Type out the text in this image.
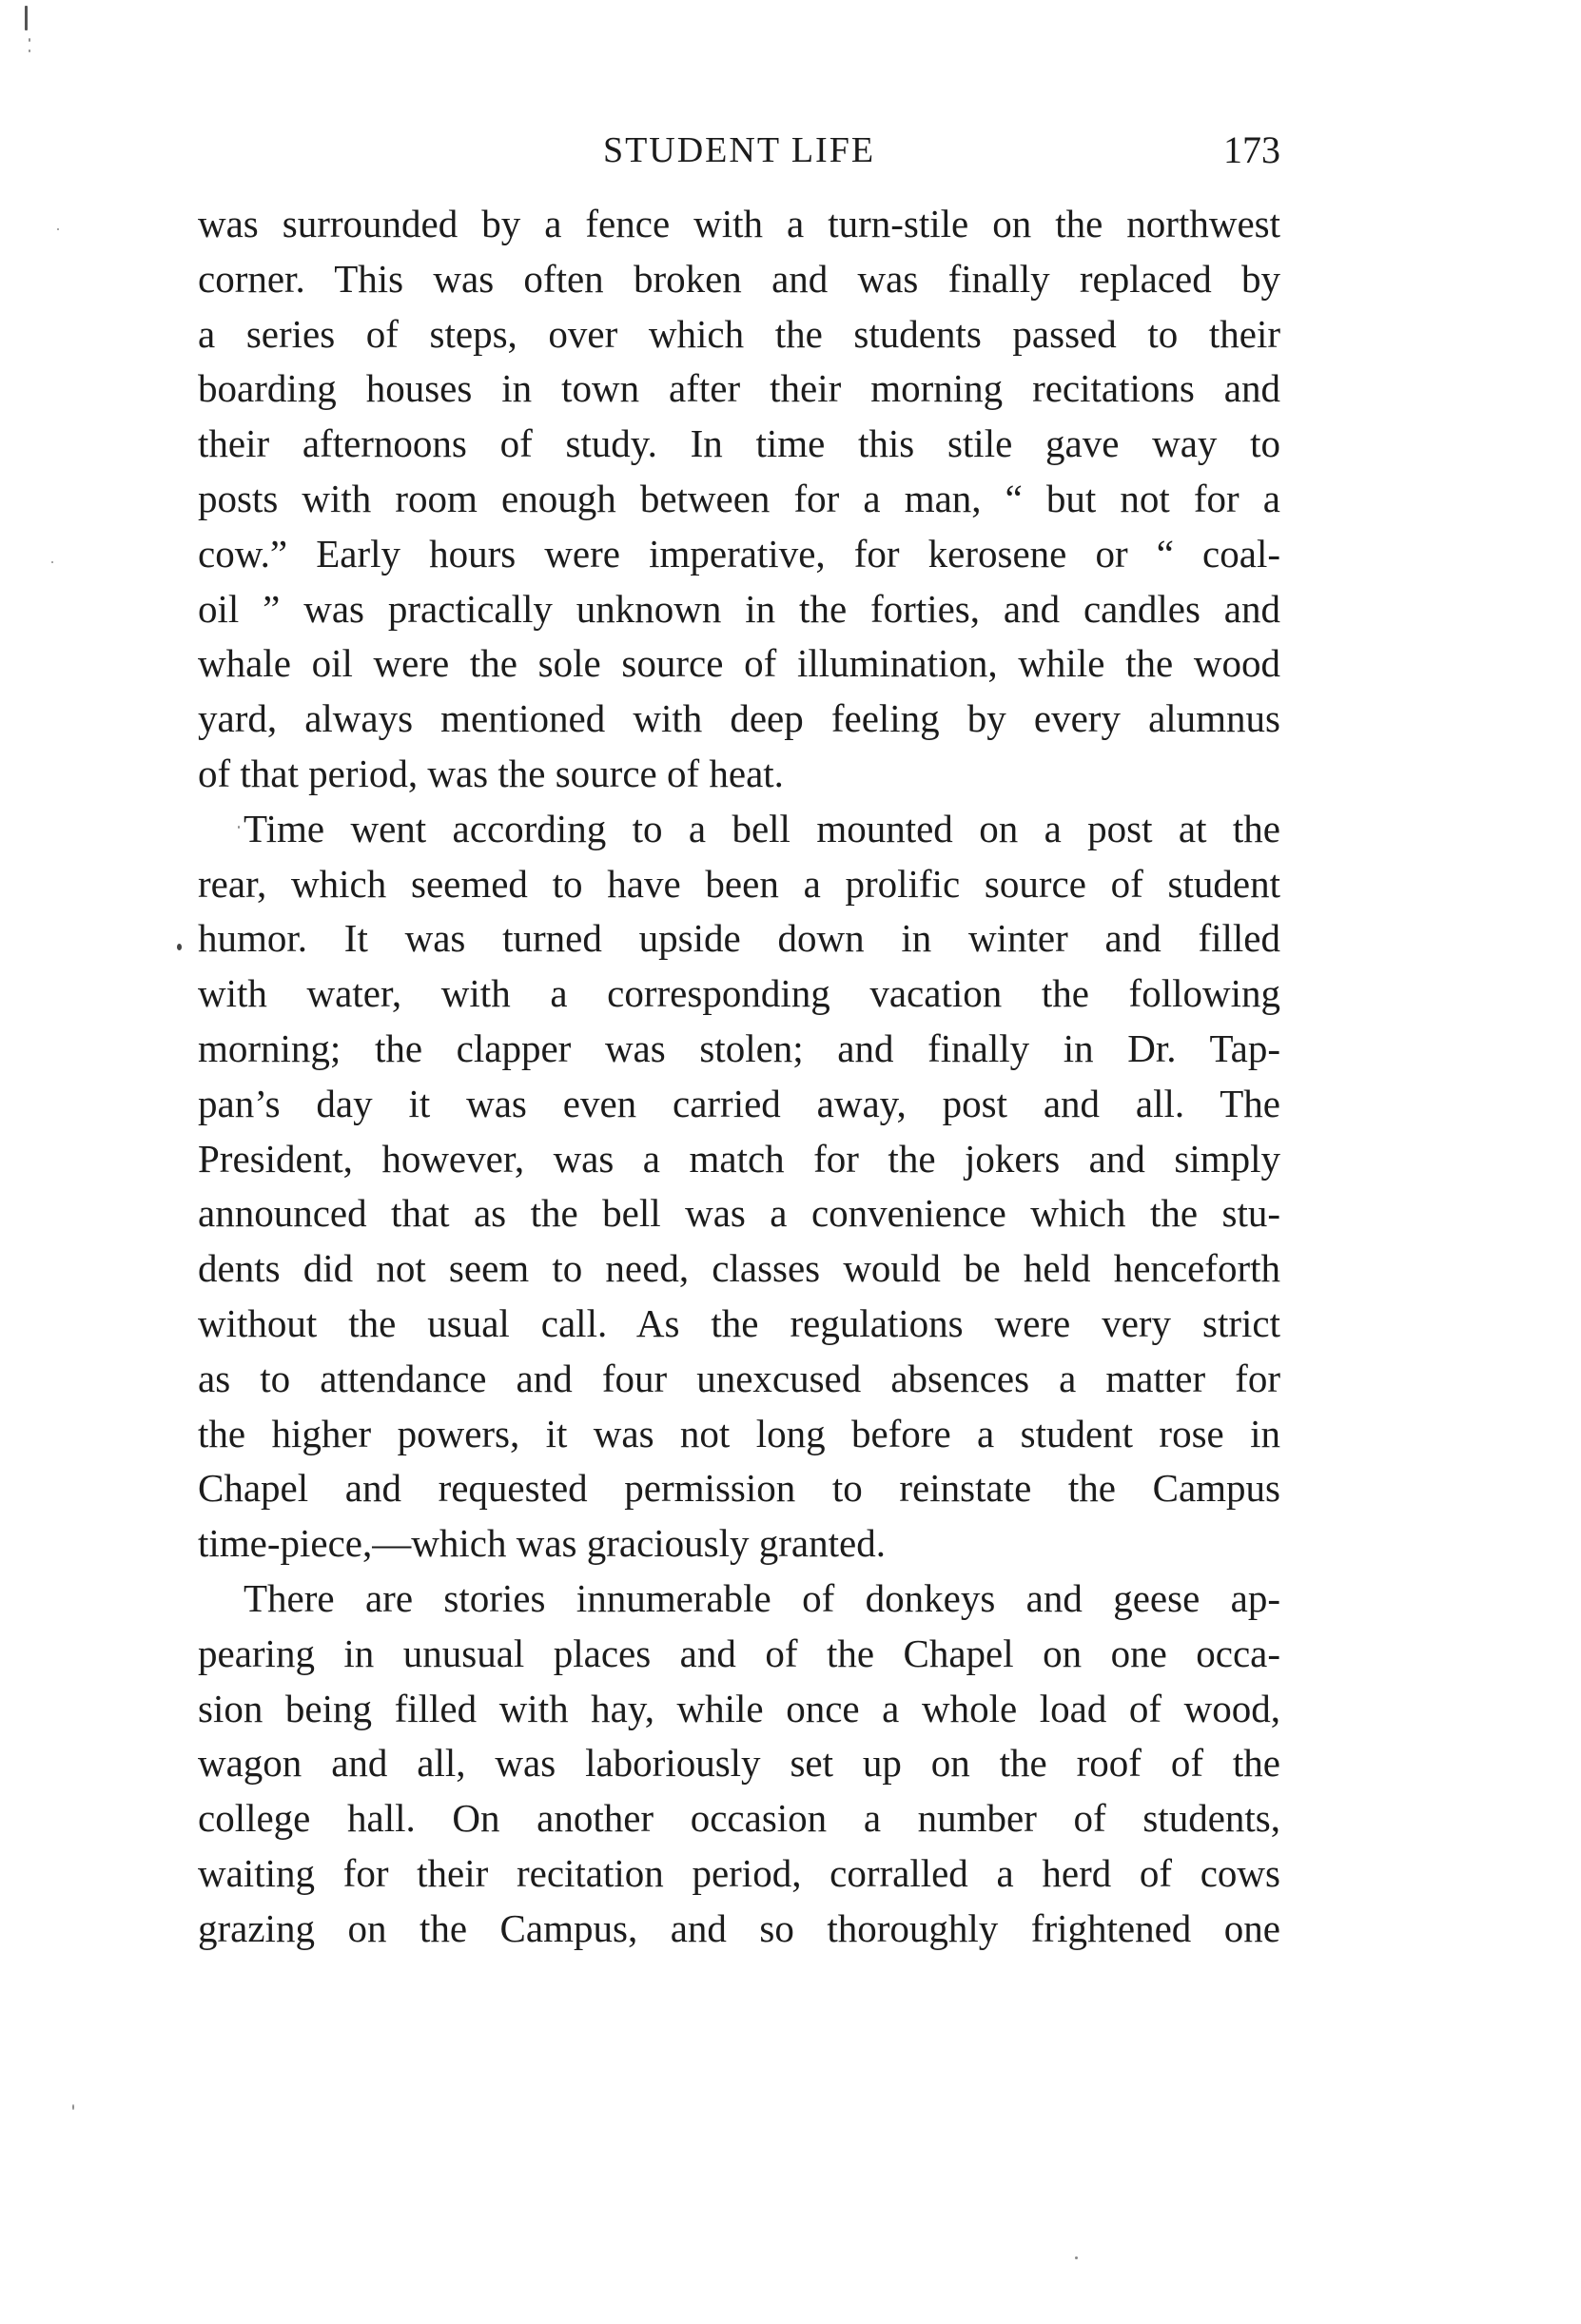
STUDENT LIFE	173
was surrounded by a fence with a turn-stile on the northwest
corner. This was often broken and was finally replaced by
a series of steps, over which the students passed to their
boarding houses in town after their morning recitations and
their afternoons of study. In time this stile gave way to
posts with room enough between for a man, “ but not for a
cow.” Early hours were imperative, for kerosene or “ coal-
oil ” was practically unknown in the forties, and candles and
whale oil were the sole source of illumination, while the wood
yard, always mentioned with deep feeling by every alumnus
of that period, was the source of heat.
Time went according to a bell mounted on a post at the
rear, which seemed to have been a prolific source of student
humor. It was turned upside down in winter and filled
with water, with a corresponding vacation the following
morning; the clapper was stolen; and finally in Dr. Tap-
pan’s day it was even carried away, post and all. The
President, however, was a match for the jokers and simply
announced that as the bell was a convenience which the stu-
dents did not seem to need, classes would be held henceforth
without the usual call. As the regulations were very strict
as to attendance and four unexcused absences a matter for
the higher powers, it was not long before a student rose in
Chapel and requested permission to reinstate the Campus
time-piece,—which was graciously granted.
There are stories innumerable of donkeys and geese ap-
pearing in unusual places and of the Chapel on one occa-
sion being filled with hay, while once a whole load of wood,
wagon and all, was laboriously set up on the roof of the
college hall. On another occasion a number of students,
waiting for their recitation period, corralled a herd of cows
grazing on the Campus, and so thoroughly frightened one
